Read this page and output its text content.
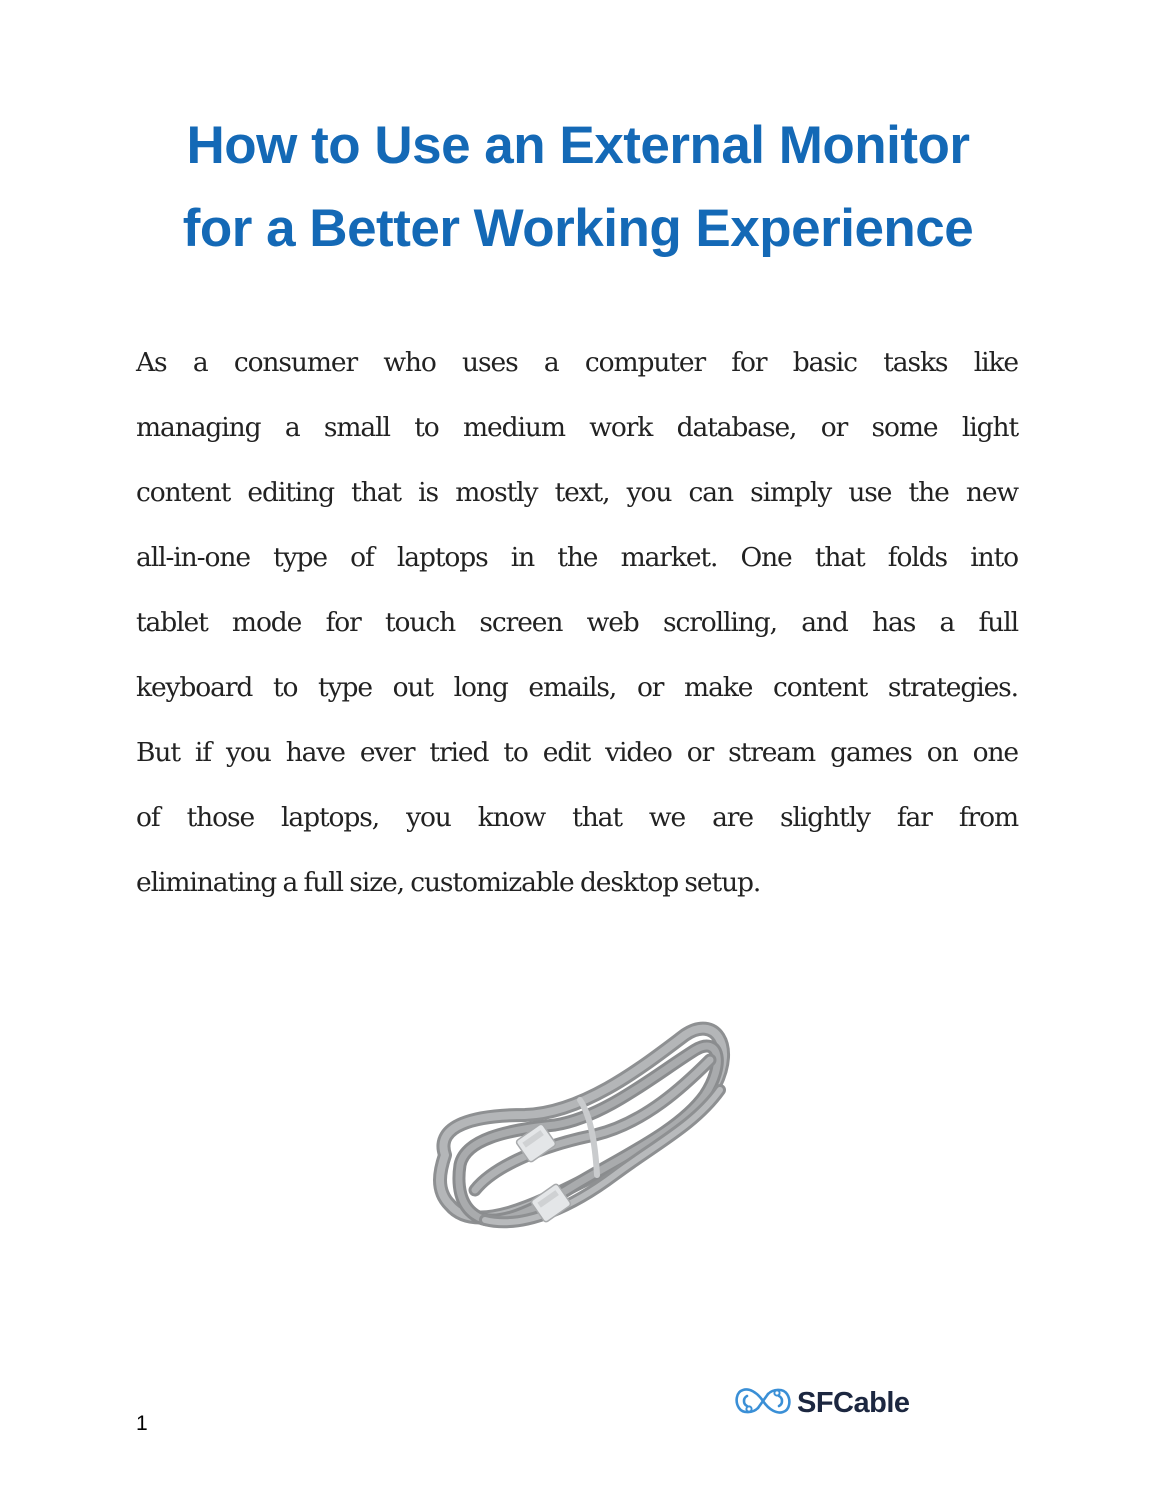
How to Use an External Monitor
for a Better Working Experience
As a consumer who uses a computer for basic tasks like
managing a small to medium work database, or some light
content editing that is mostly text, you can simply use the new
all-in-one type of laptops in the market. One that folds into
tablet mode for touch screen web scrolling, and has a full
keyboard to type out long emails, or make content strategies.
But if you have ever tried to edit video or stream games on one
of those laptops, you know that we are slightly far from
eliminating a full size, customizable desktop setup.
SFCable
1
